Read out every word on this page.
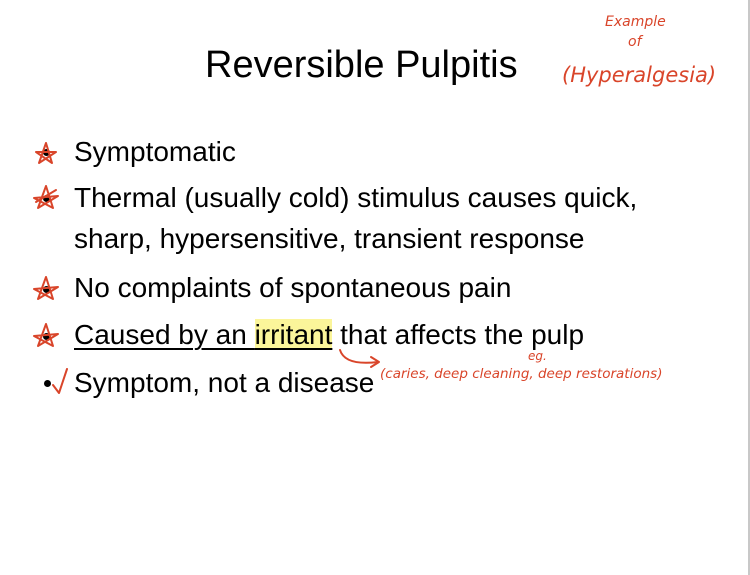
Reversible Pulpitis
Symptomatic
Thermal (usually cold) stimulus causes quick,
sharp, hypersensitive, transient response
No complaints of spontaneous pain
Caused by an irritant that affects the pulp
Symptom, not a disease
Example
of
(Hyperalgesia)
eg.
(caries, deep cleaning, deep restorations)
